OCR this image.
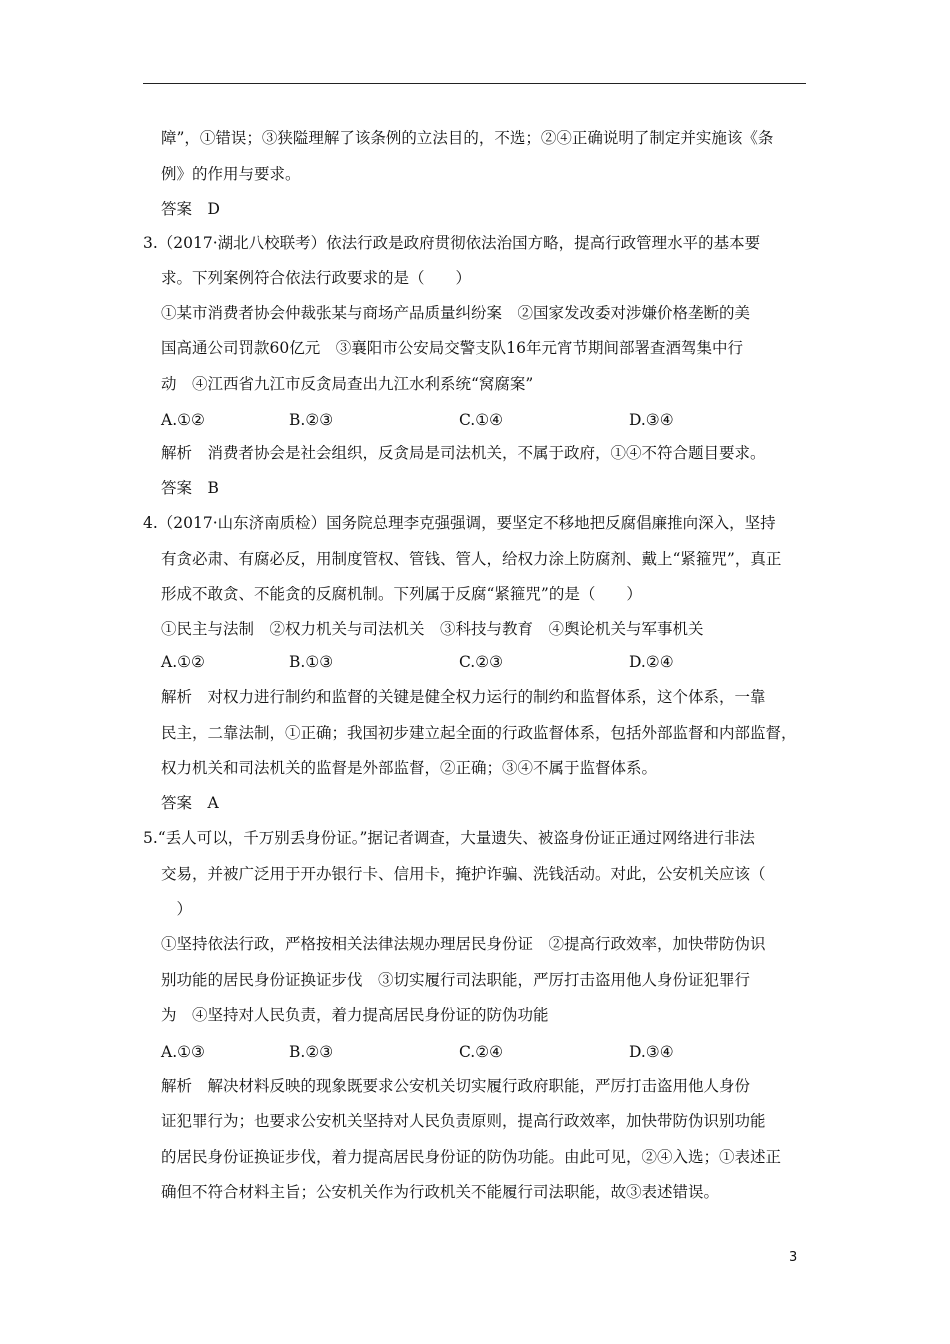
障”，①错误；③狭隘理解了该条例的立法目的，不选；②④正确说明了制定并实施该《条
例》的作用与要求。
答案　D
3.（2017·湖北八校联考）依法行政是政府贯彻依法治国方略，提高行政管理水平的基本要
求。下列案例符合依法行政要求的是（　　）
①某市消费者协会仲裁张某与商场产品质量纠纷案　②国家发改委对涉嫌价格垄断的美
国高通公司罚款60亿元　③襄阳市公安局交警支队16年元宵节期间部署查酒驾集中行
动　④江西省九江市反贪局查出九江水利系统“窝腐案”
A.①②	B.②③	C.①④	D.③④
解析　消费者协会是社会组织，反贪局是司法机关，不属于政府，①④不符合题目要求。
答案　B
4.（2017·山东济南质检）国务院总理李克强强调，要坚定不移地把反腐倡廉推向深入，坚持
有贪必肃、有腐必反，用制度管权、管钱、管人，给权力涂上防腐剂、戴上“紧箍咒”，真正
形成不敢贪、不能贪的反腐机制。下列属于反腐“紧箍咒”的是（　　）
①民主与法制　②权力机关与司法机关　③科技与教育　④舆论机关与军事机关
A.①②	B.①③	C.②③	D.②④
解析　对权力进行制约和监督的关键是健全权力运行的制约和监督体系，这个体系，一靠
民主，二靠法制，①正确；我国初步建立起全面的行政监督体系，包括外部监督和内部监督，
权力机关和司法机关的监督是外部监督，②正确；③④不属于监督体系。
答案　A
5.“丢人可以，千万别丢身份证。”据记者调查，大量遗失、被盗身份证正通过网络进行非法
交易，并被广泛用于开办银行卡、信用卡，掩护诈骗、洗钱活动。对此，公安机关应该（
　）
①坚持依法行政，严格按相关法律法规办理居民身份证　②提高行政效率，加快带防伪识
别功能的居民身份证换证步伐　③切实履行司法职能，严厉打击盗用他人身份证犯罪行
为　④坚持对人民负责，着力提高居民身份证的防伪功能
A.①③	B.②③	C.②④	D.③④
解析　解决材料反映的现象既要求公安机关切实履行政府职能，严厉打击盗用他人身份
证犯罪行为；也要求公安机关坚持对人民负责原则，提高行政效率，加快带防伪识别功能
的居民身份证换证步伐，着力提高居民身份证的防伪功能。由此可见，②④入选；①表述正
确但不符合材料主旨；公安机关作为行政机关不能履行司法职能，故③表述错误。
3
